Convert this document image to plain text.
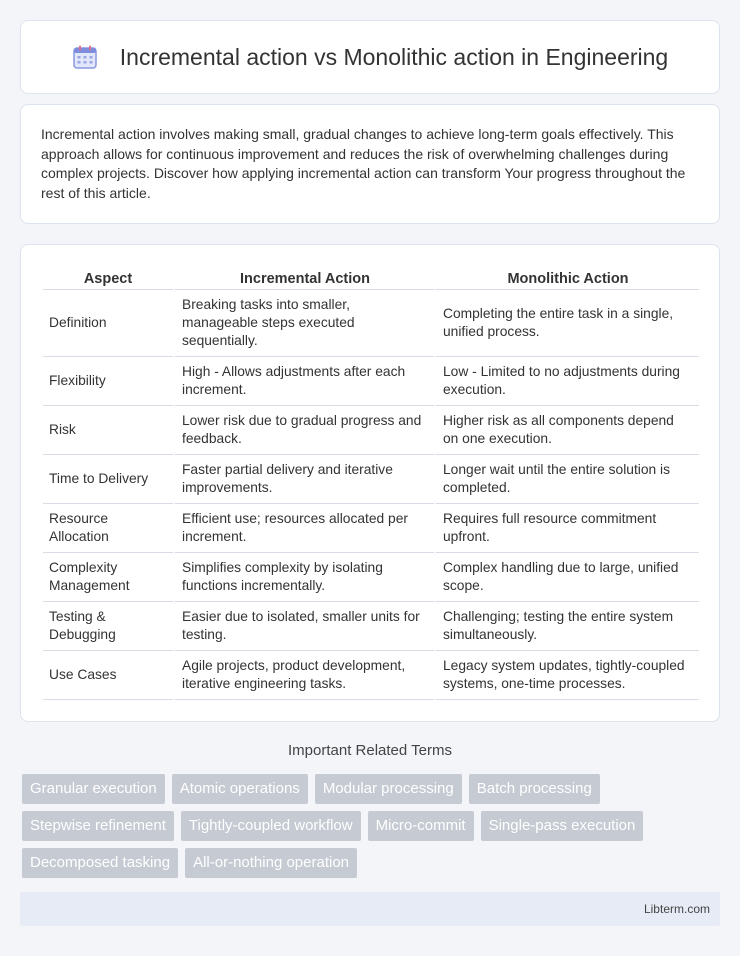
Incremental action vs Monolithic action in Engineering

Incremental action involves making small, gradual changes to achieve long-term goals effectively. This approach allows for continuous improvement and reduces the risk of overwhelming challenges during complex projects. Discover how applying incremental action can transform Your progress throughout the rest of this article.

Aspect	Incremental Action	Monolithic Action
Definition	Breaking tasks into smaller, manageable steps executed sequentially.	Completing the entire task in a single, unified process.
Flexibility	High - Allows adjustments after each increment.	Low - Limited to no adjustments during execution.
Risk	Lower risk due to gradual progress and feedback.	Higher risk as all components depend on one execution.
Time to Delivery	Faster partial delivery and iterative improvements.	Longer wait until the entire solution is completed.
Resource Allocation	Efficient use; resources allocated per increment.	Requires full resource commitment upfront.
Complexity Management	Simplifies complexity by isolating functions incrementally.	Complex handling due to large, unified scope.
Testing & Debugging	Easier due to isolated, smaller units for testing.	Challenging; testing the entire system simultaneously.
Use Cases	Agile projects, product development, iterative engineering tasks.	Legacy system updates, tightly-coupled systems, one-time processes.
Important Related Terms
Granular execution	Atomic operations	Modular processing	Batch processing
Stepwise refinement	Tightly-coupled workflow	Micro-commit	Single-pass execution
Decomposed tasking	All-or-nothing operation
Libterm.com
